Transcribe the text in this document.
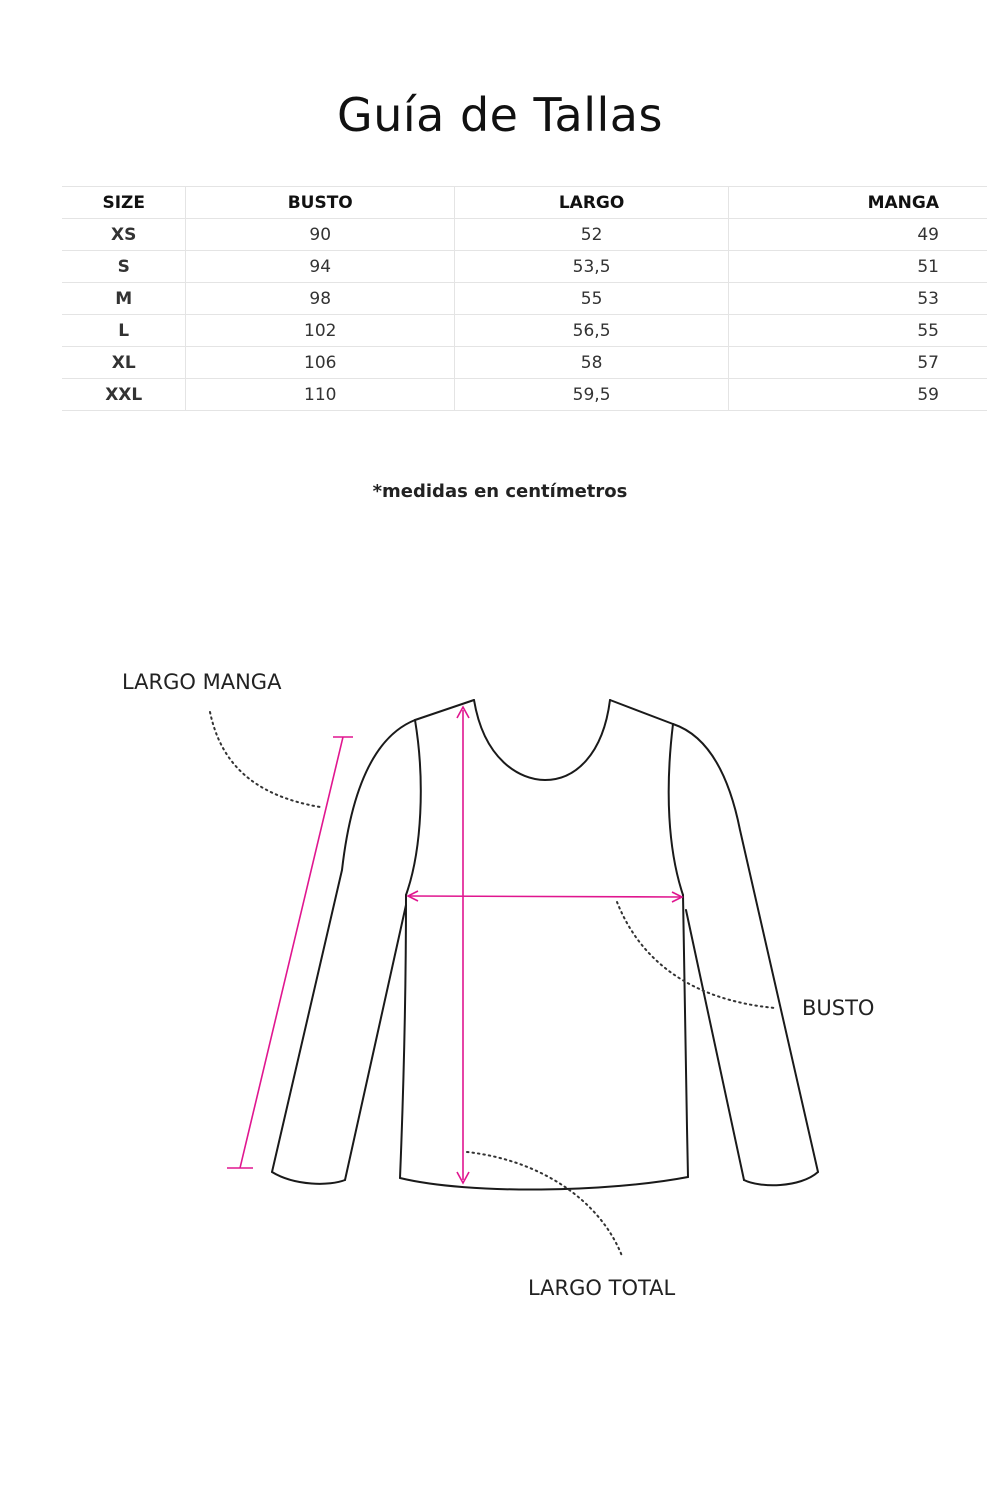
Guía de Tallas
SIZE	BUSTO	LARGO	MANGA
XS	90	52	49
S	94	53,5	51
M	98	55	53
L	102	56,5	55
XL	106	58	57
XXL	110	59,5	59
*medidas en centímetros
LARGO MANGA
BUSTO
LARGO TOTAL
